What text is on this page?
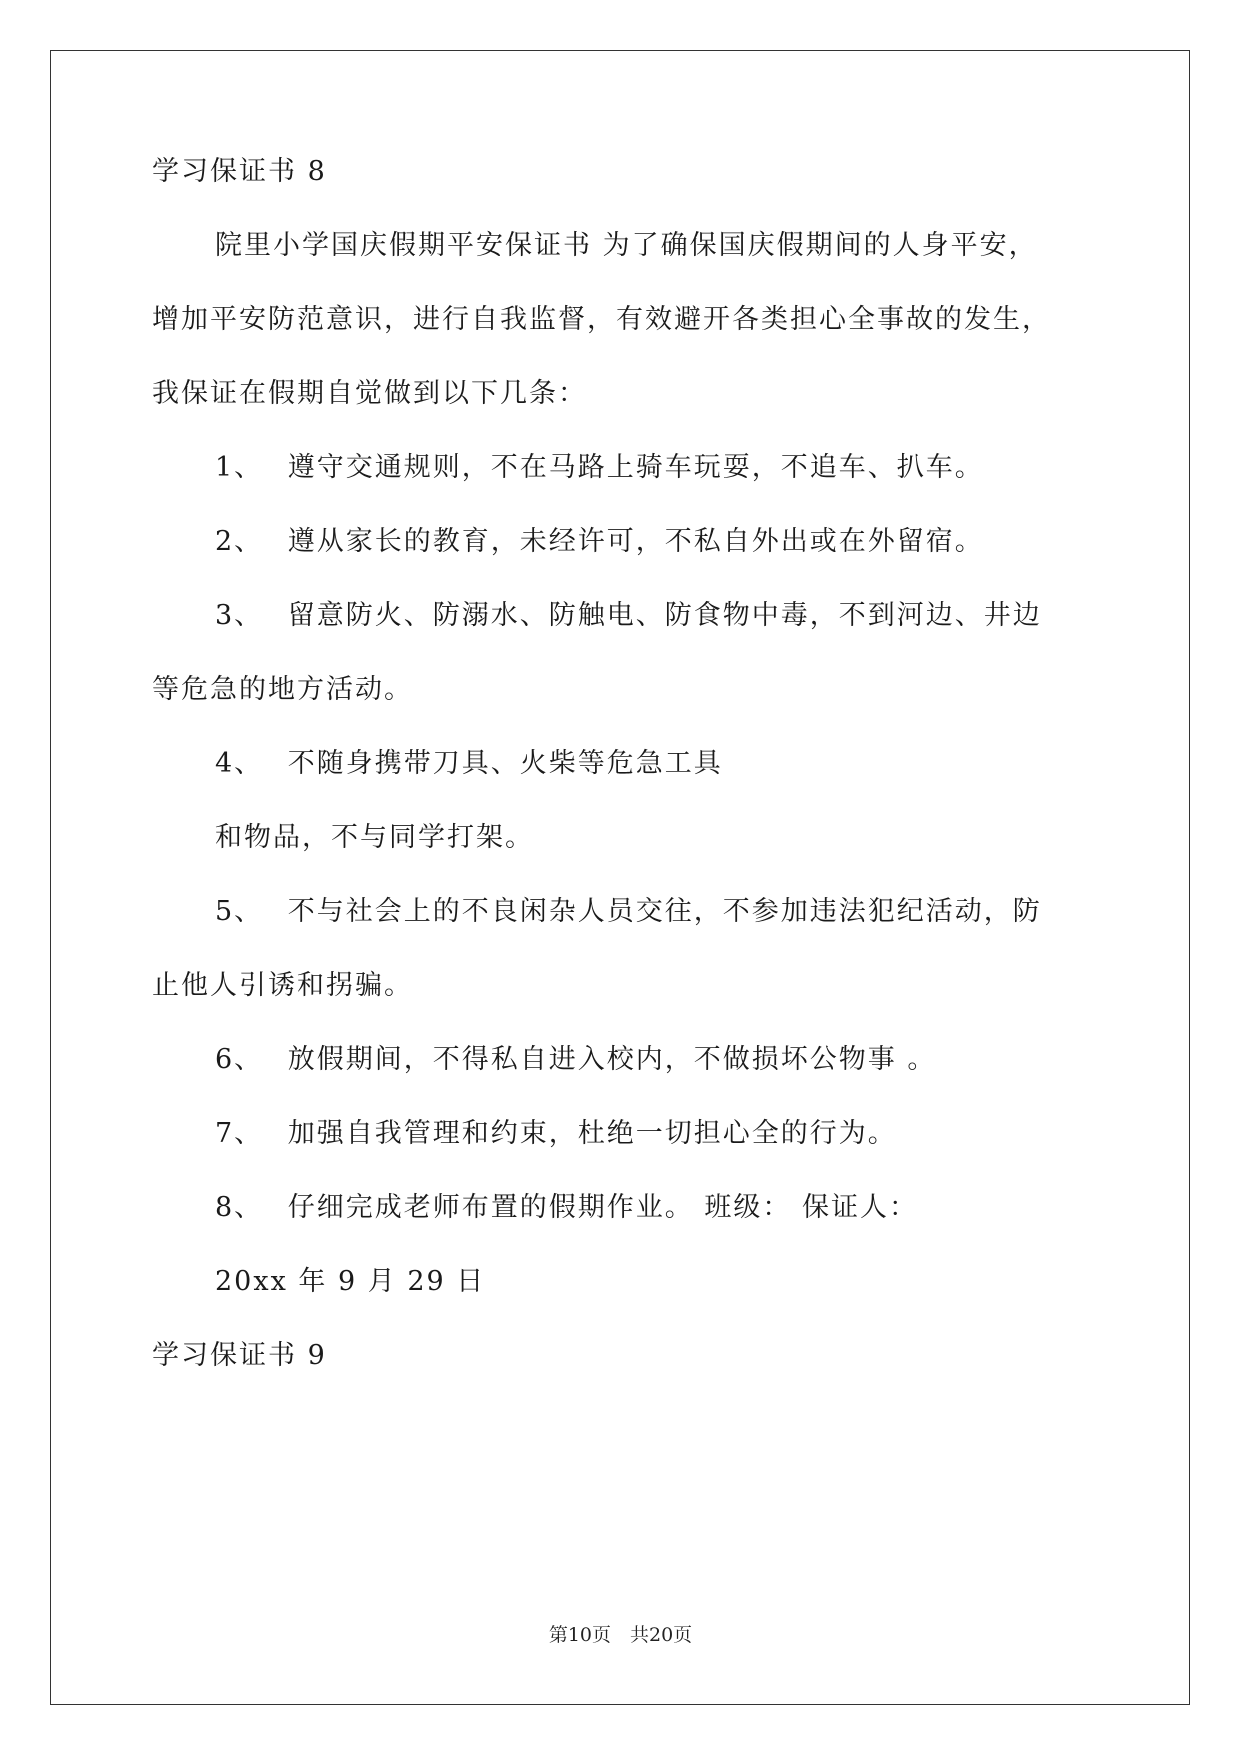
学习保证书 8
院里小学国庆假期平安保证书 为了确保国庆假期间的人身平安，
增加平安防范意识，进行自我监督，有效避开各类担心全事故的发生，
我保证在假期自觉做到以下几条：
1、 遵守交通规则，不在马路上骑车玩耍，不追车、扒车。
2、 遵从家长的教育，未经许可，不私自外出或在外留宿。
3、 留意防火、防溺水、防触电、防食物中毒，不到河边、井边
等危急的地方活动。
4、 不随身携带刀具、火柴等危急工具
和物品，不与同学打架。
5、 不与社会上的不良闲杂人员交往，不参加违法犯纪活动，防
止他人引诱和拐骗。
6、 放假期间，不得私自进入校内，不做损坏公物事 。
7、 加强自我管理和约束，杜绝一切担心全的行为。
8、 仔细完成老师布置的假期作业。 班级： 保证人：
20xx 年 9 月 29 日
学习保证书 9
第10页　共20页
